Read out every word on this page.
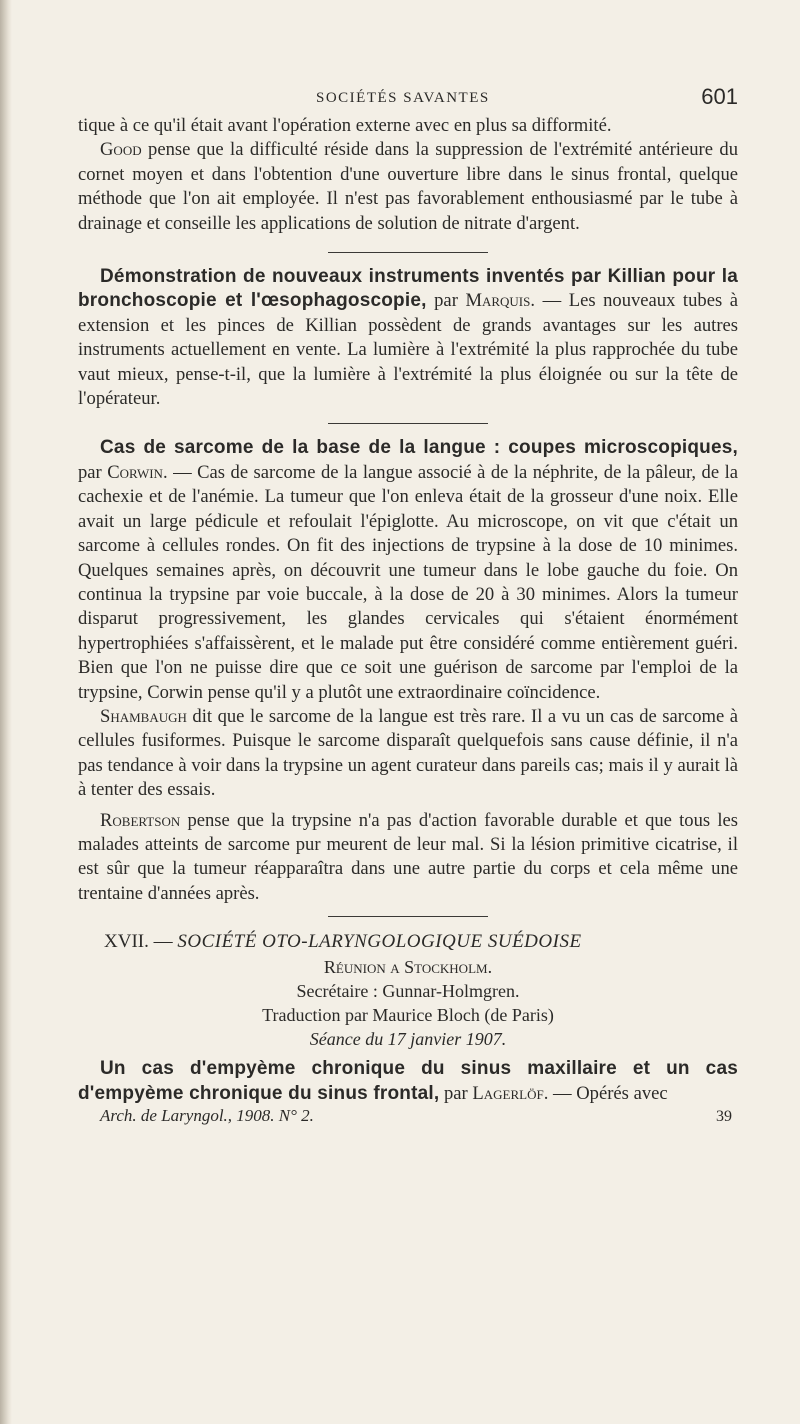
SOCIÉTÉS SAVANTES	601

tique à ce qu'il était avant l'opération externe avec en plus sa difformité.

Good pense que la difficulté réside dans la suppression de l'extrémité antérieure du cornet moyen et dans l'obtention d'une ouverture libre dans le sinus frontal, quelque méthode que l'on ait employée. Il n'est pas favorablement enthousiasmé par le tube à drainage et conseille les applications de solution de nitrate d'argent.

Démonstration de nouveaux instruments inventés par Killian pour la bronchoscopie et l'œsophagoscopie, par Marquis. — Les nouveaux tubes à extension et les pinces de Killian possèdent de grands avantages sur les autres instruments actuellement en vente. La lumière à l'extrémité la plus rapprochée du tube vaut mieux, pense-t-il, que la lumière à l'extrémité la plus éloignée ou sur la tête de l'opérateur.

Cas de sarcome de la base de la langue : coupes microscopiques, par Corwin. — Cas de sarcome de la langue associé à de la néphrite, de la pâleur, de la cachexie et de l'anémie. La tumeur que l'on enleva était de la grosseur d'une noix. Elle avait un large pédicule et refoulait l'épiglotte. Au microscope, on vit que c'était un sarcome à cellules rondes. On fit des injections de trypsine à la dose de 10 minimes. Quelques semaines après, on découvrit une tumeur dans le lobe gauche du foie. On continua la trypsine par voie buccale, à la dose de 20 à 30 minimes. Alors la tumeur disparut progressivement, les glandes cervicales qui s'étaient énormément hypertrophiées s'affaissèrent, et le malade put être considéré comme entièrement guéri. Bien que l'on ne puisse dire que ce soit une guérison de sarcome par l'emploi de la trypsine, Corwin pense qu'il y a plutôt une extraordinaire coïncidence.

Shambaugh dit que le sarcome de la langue est très rare. Il a vu un cas de sarcome à cellules fusiformes. Puisque le sarcome disparaît quelquefois sans cause définie, il n'a pas tendance à voir dans la trypsine un agent curateur dans pareils cas; mais il y aurait là à tenter des essais.

Robertson pense que la trypsine n'a pas d'action favorable durable et que tous les malades atteints de sarcome pur meurent de leur mal. Si la lésion primitive cicatrise, il est sûr que la tumeur réapparaîtra dans une autre partie du corps et cela même une trentaine d'années après.

XVII. — SOCIÉTÉ OTO-LARYNGOLOGIQUE SUÉDOISE
Réunion a Stockholm.
Secrétaire : Gunnar-Holmgren.
Traduction par Maurice Bloch (de Paris)
Séance du 17 janvier 1907.

Un cas d'empyème chronique du sinus maxillaire et un cas d'empyème chronique du sinus frontal, par Lagerlöf. — Opérés avec

Arch. de Laryngol., 1908. N° 2.	39
